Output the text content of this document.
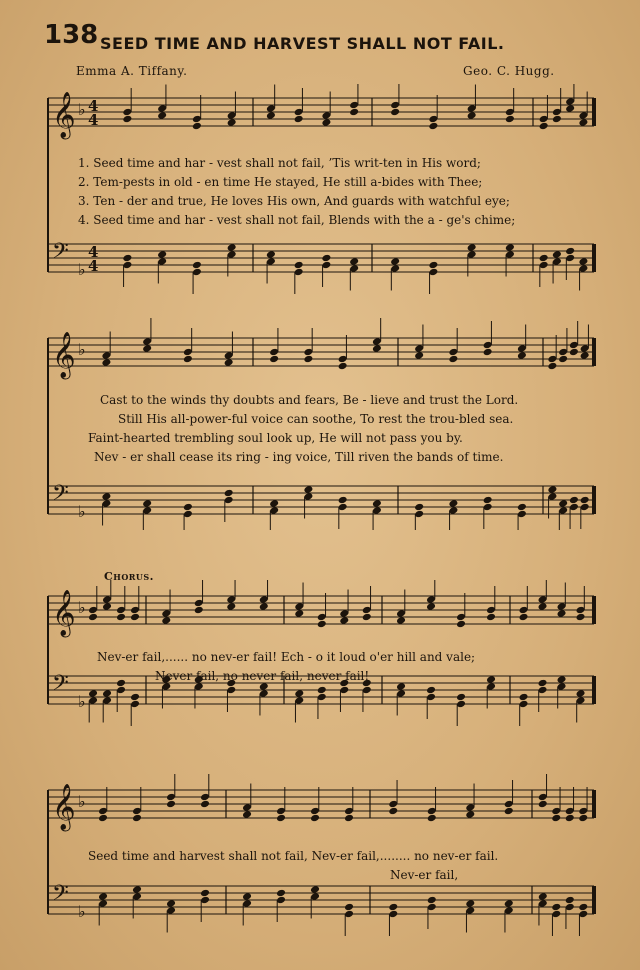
138 SEED TIME AND HARVEST SHALL NOT FAIL.
Emma A. Tiffany.	Geo. C. Hugg.
𝄞 ♭
𝄢
♭
4
4
4
4
1. Seed time and har - vest shall not fail, ’Tis writ-ten in His word;
2. Tem-pests in old - en time He stayed, He still a-bides with Thee;
3. Ten - der and true, He loves His own, And guards with watchful eye;
4. Seed time and har - vest shall not fail, Blends with the a - ge's chime;
𝄞 ♭
𝄢
♭
Cast to the winds thy doubts and fears, Be - lieve and trust the Lord.
Still His all-power-ful voice can soothe, To rest the trou-bled sea.
Faint-hearted trembling soul look up, He will not pass you by.
Nev - er shall cease its ring - ing voice, Till riven the bands of time.
Chorus.
𝄞 ♭
𝄢
♭
Nev-er fail,...... no nev-er fail! Ech - o it loud o'er hill and vale;
Never fail, no never fail, never fail!
𝄞 ♭
𝄢
♭
Seed time and harvest shall not fail, Nev-er fail,........ no nev-er fail.
Nev-er fail,
